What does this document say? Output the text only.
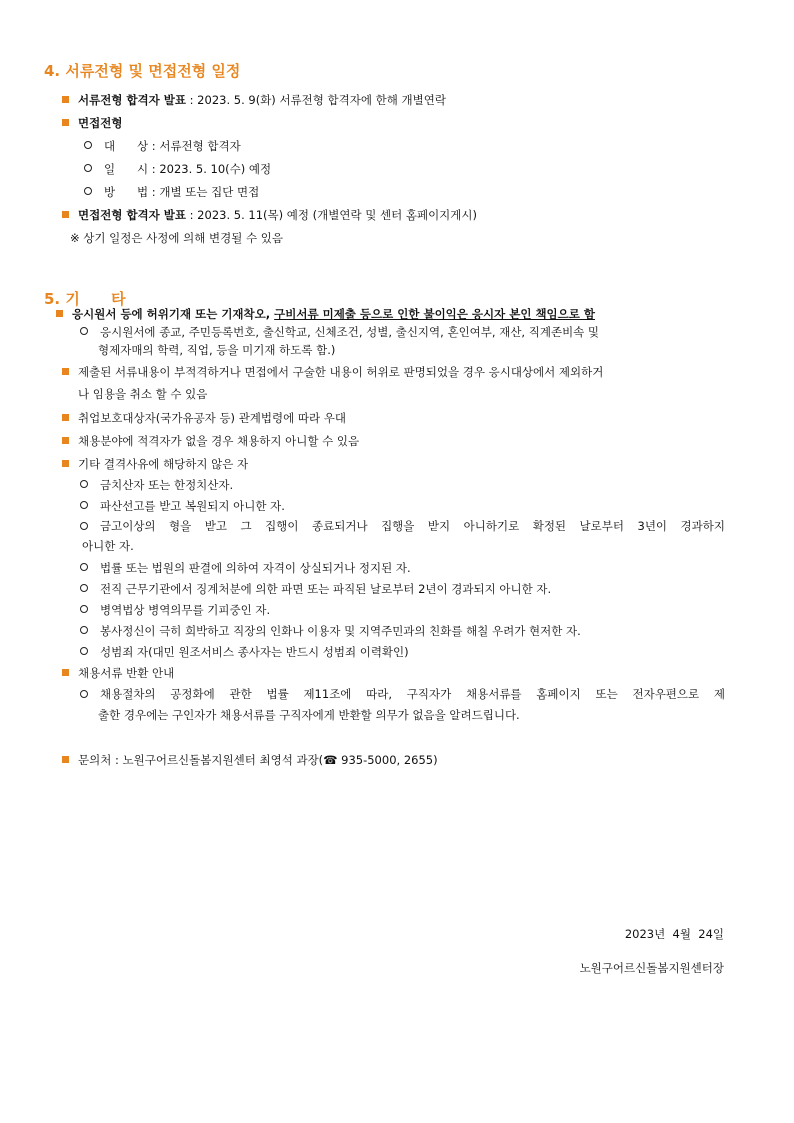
4. 서류전형 및 면접전형 일정
서류전형 합격자 발표 : 2023. 5. 9(화) 서류전형 합격자에 한해 개별연락
면접전형
대      상 : 서류전형 합격자
일      시 : 2023. 5. 10(수) 예정
방      법 : 개별 또는 집단 면접
면접전형 합격자 발표 : 2023. 5. 11(목) 예정 (개별연락 및 센터 홈페이지게시)
※ 상기 일정은 사정에 의해 변경될 수 있음
5. 기      타
응시원서 등에 허위기재 또는 기재착오, 구비서류 미제출 등으로 인한 불이익은 응시자 본인 책임으로 함
응시원서에 종교, 주민등록번호, 출신학교, 신체조건, 성별, 출신지역, 혼인여부, 재산, 직계존비속 및
형제자매의 학력, 직업, 등을 미기재 하도록 함.)
제출된 서류내용이 부적격하거나 면접에서 구술한 내용이 허위로 판명되었을 경우 응시대상에서 제외하거
나 임용을 취소 할 수 있음
취업보호대상자(국가유공자 등) 관계법령에 따라 우대
채용분야에 적격자가 없을 경우 채용하지 아니할 수 있음
기타 결격사유에 해당하지 않은 자
금치산자 또는 한정치산자.
파산선고를 받고 복원되지 아니한 자.
금고이상의 형을 받고 그 집행이 종료되거나 집행을 받지 아니하기로 확정된 날로부터 3년이 경과하지
아니한 자.
법률 또는 법원의 판결에 의하여 자격이 상실되거나 정지된 자.
전직 근무기관에서 징계처분에 의한 파면 또는 파직된 날로부터 2년이 경과되지 아니한 자.
병역법상 병역의무를 기피중인 자.
봉사정신이 극히 희박하고 직장의 인화나 이용자 및 지역주민과의 친화를 해칠 우려가 현저한 자.
성범죄 자(대민 원조서비스 종사자는 반드시 성범죄 이력확인)
채용서류 반환 안내
채용절차의 공정화에 관한 법률 제11조에 따라, 구직자가 채용서류를 홈페이지 또는 전자우편으로 제
출한 경우에는 구인자가 채용서류를 구직자에게 반환할 의무가 없음을 알려드립니다.
문의처 : 노원구어르신돌봄지원센터 최영석 과장(☎ 935-5000, 2655)
2023년  4월  24일
노원구어르신돌봄지원센터장
